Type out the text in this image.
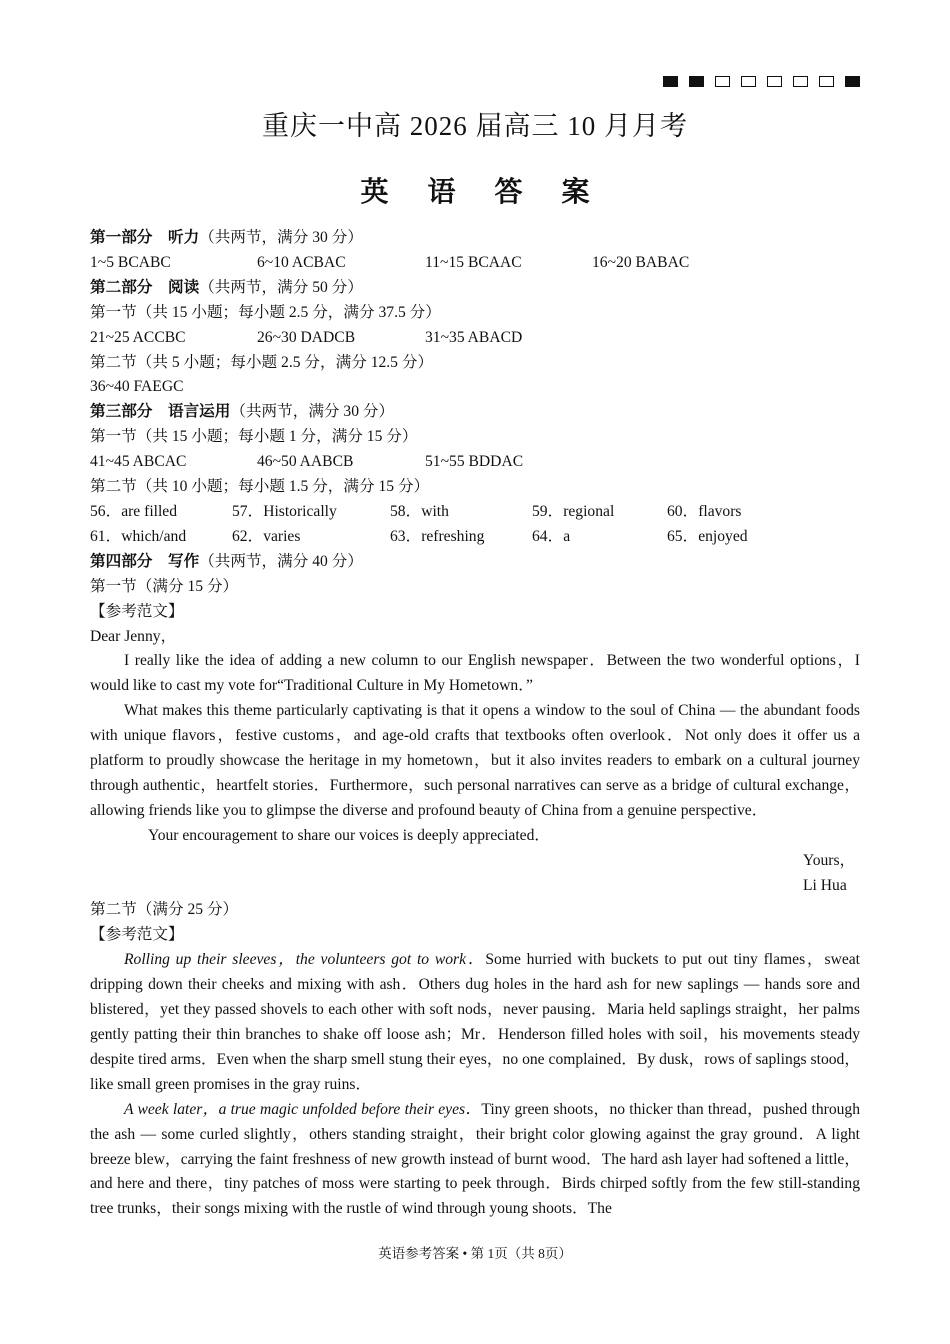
重庆一中高 2026 届高三 10 月月考
英 语 答 案
第一部分　听力（共两节，满分 30 分）
1~5 BCABC	6~10 ACBAC	11~15 BCAAC	16~20 BABAC
第二部分　阅读（共两节，满分 50 分）
第一节（共 15 小题；每小题 2.5 分，满分 37.5 分）
21~25 ACCBC	26~30 DADCB	31~35 ABACD
第二节（共 5 小题；每小题 2.5 分，满分 12.5 分）
36~40 FAEGC
第三部分　语言运用（共两节，满分 30 分）
第一节（共 15 小题；每小题 1 分，满分 15 分）
41~45 ABCAC	46~50 AABCB	51~55 BDDAC
第二节（共 10 小题；每小题 1.5 分，满分 15 分）
56．are filled	57．Historically	58．with	59．regional	60．flavors
61．which/and	62．varies	63．refreshing	64．a	65．enjoyed
第四部分　写作（共两节，满分 40 分）
第一节（满分 15 分）
【参考范文】
Dear Jenny，
I really like the idea of adding a new column to our English newspaper．Between the two wonderful options，I would like to cast my vote for“Traditional Culture in My Hometown．”
What makes this theme particularly captivating is that it opens a window to the soul of China — the abundant foods with unique flavors，festive customs，and age-old crafts that textbooks often overlook．Not only does it offer us a platform to proudly showcase the heritage in my hometown，but it also invites readers to embark on a cultural journey through authentic，heartfelt stories．Furthermore，such personal narratives can serve as a bridge of cultural exchange，allowing friends like you to glimpse the diverse and profound beauty of China from a genuine perspective．
Your encouragement to share our voices is deeply appreciated．
Yours，
Li Hua
第二节（满分 25 分）
【参考范文】
Rolling up their sleeves，the volunteers got to work．Some hurried with buckets to put out tiny flames，sweat dripping down their cheeks and mixing with ash．Others dug holes in the hard ash for new saplings — hands sore and blistered，yet they passed shovels to each other with soft nods，never pausing．Maria held saplings straight，her palms gently patting their thin branches to shake off loose ash；Mr．Henderson filled holes with soil，his movements steady despite tired arms．Even when the sharp smell stung their eyes，no one complained．By dusk，rows of saplings stood，like small green promises in the gray ruins．
A week later，a true magic unfolded before their eyes．Tiny green shoots，no thicker than thread，pushed through the ash — some curled slightly，others standing straight，their bright color glowing against the gray ground．A light breeze blew，carrying the faint freshness of new growth instead of burnt wood．The hard ash layer had softened a little，and here and there，tiny patches of moss were starting to peek through．Birds chirped softly from the few still-standing tree trunks，their songs mixing with the rustle of wind through young shoots．The
英语参考答案 • 第 1页（共 8页）
